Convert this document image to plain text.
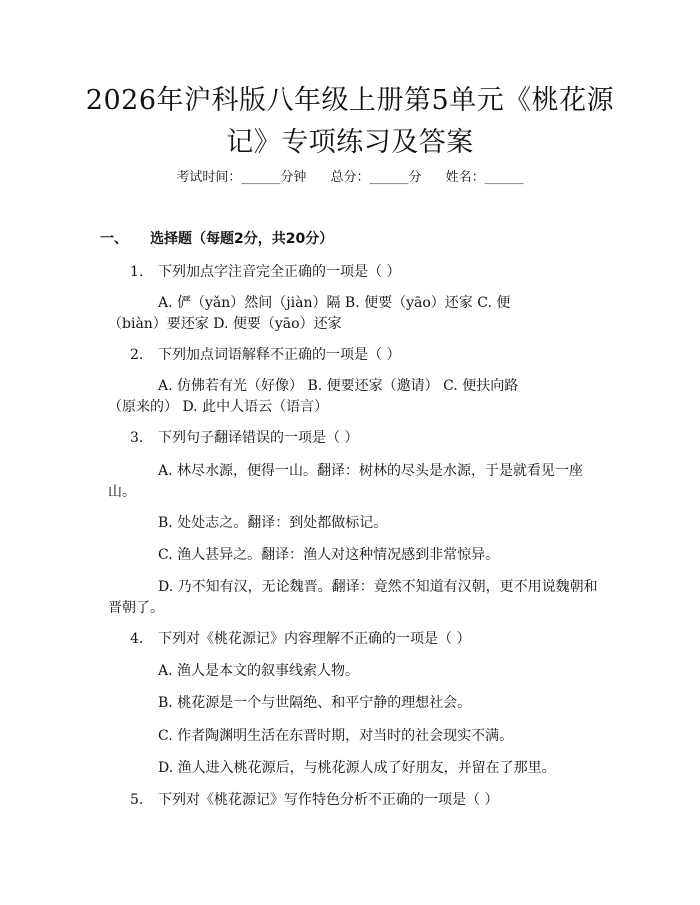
2026年沪科版八年级上册第5单元《桃花源
记》专项练习及答案
考试时间：______分钟 总分：______分 姓名：______
一、 选择题（每题2分，共20分）
1. 下列加点字注音完全正确的一项是（ ）
A. 俨（yǎn）然间（jiàn）隔 B. 便要（yāo）还家 C. 便
（biàn）要还家 D. 便要（yāo）还家
2. 下列加点词语解释不正确的一项是（ ）
A. 仿佛若有光（好像） B. 便要还家（邀请） C. 便扶向路
（原来的） D. 此中人语云（语言）
3. 下列句子翻译错误的一项是（ ）
A. 林尽水源，便得一山。翻译：树林的尽头是水源，于是就看见一座
山。
B. 处处志之。翻译：到处都做标记。
C. 渔人甚异之。翻译：渔人对这种情况感到非常惊异。
D. 乃不知有汉，无论魏晋。翻译：竟然不知道有汉朝，更不用说魏朝和
晋朝了。
4. 下列对《桃花源记》内容理解不正确的一项是（ ）
A. 渔人是本文的叙事线索人物。
B. 桃花源是一个与世隔绝、和平宁静的理想社会。
C. 作者陶渊明生活在东晋时期，对当时的社会现实不满。
D. 渔人进入桃花源后，与桃花源人成了好朋友，并留在了那里。
5. 下列对《桃花源记》写作特色分析不正确的一项是（ ）
